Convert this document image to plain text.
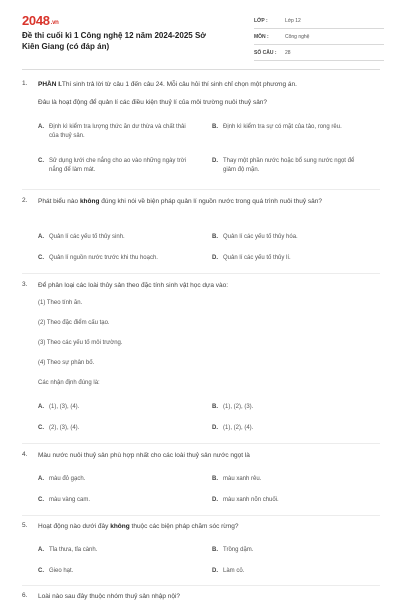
2048.vn
Đề thi cuối kì 1 Công nghệ 12 năm 2024-2025 Sở Kiên Giang (có đáp án)
LỚP :	Lớp 12
MÔN :	Công nghệ
SỐ CÂU :	28
1. PHẦN I.Thí sinh trả lời từ câu 1 đến câu 24. Mỗi câu hỏi thí sinh chỉ chọn một phương án.
Đâu là hoạt động để quản lí các điều kiện thuỷ lí của môi trường nuôi thuỷ sản?
A. Định kì kiểm tra lượng thức ăn dư thừa và chất thải của thuỷ sản.
B. Định kì kiểm tra sự có mặt của tảo, rong rêu.
C. Sử dụng lưới che nắng cho ao vào những ngày trời nắng để làm mát.
D. Thay một phần nước hoặc bổ sung nước ngọt để giảm độ mặn.
2. Phát biểu nào không đúng khi nói về biện pháp quản lí nguồn nước trong quá trình nuôi thuỷ sản?
A. Quản lí các yếu tố thủy sinh.	B. Quản lí các yếu tố thủy hóa.
C. Quản lí nguồn nước trước khi thu hoạch.	D. Quản lí các yếu tố thủy lí.
3. Để phân loại các loài thủy sản theo đặc tính sinh vật học dựa vào:
(1) Theo tính ăn.
(2) Theo đặc điểm cấu tạo.
(3) Theo các yếu tố môi trường.
(4) Theo sự phân bố.
Các nhận định đúng là:
A. (1), (3), (4).	B. (1), (2), (3).
C. (2), (3), (4).	D. (1), (2), (4).
4. Màu nước nuôi thuỷ sản phù hợp nhất cho các loài thuỷ sản nước ngọt là
A. màu đỏ gạch.	B. màu xanh rêu.
C. màu vàng cam.	D. màu xanh nõn chuối.
5. Hoạt động nào dưới đây không thuộc các biện pháp chăm sóc rừng?
A. Tỉa thưa, tỉa cành.	B. Trồng dặm.
C. Gieo hạt.	D. Làm cỏ.
6. Loài nào sau đây thuộc nhóm thuỷ sản nhập nội?
